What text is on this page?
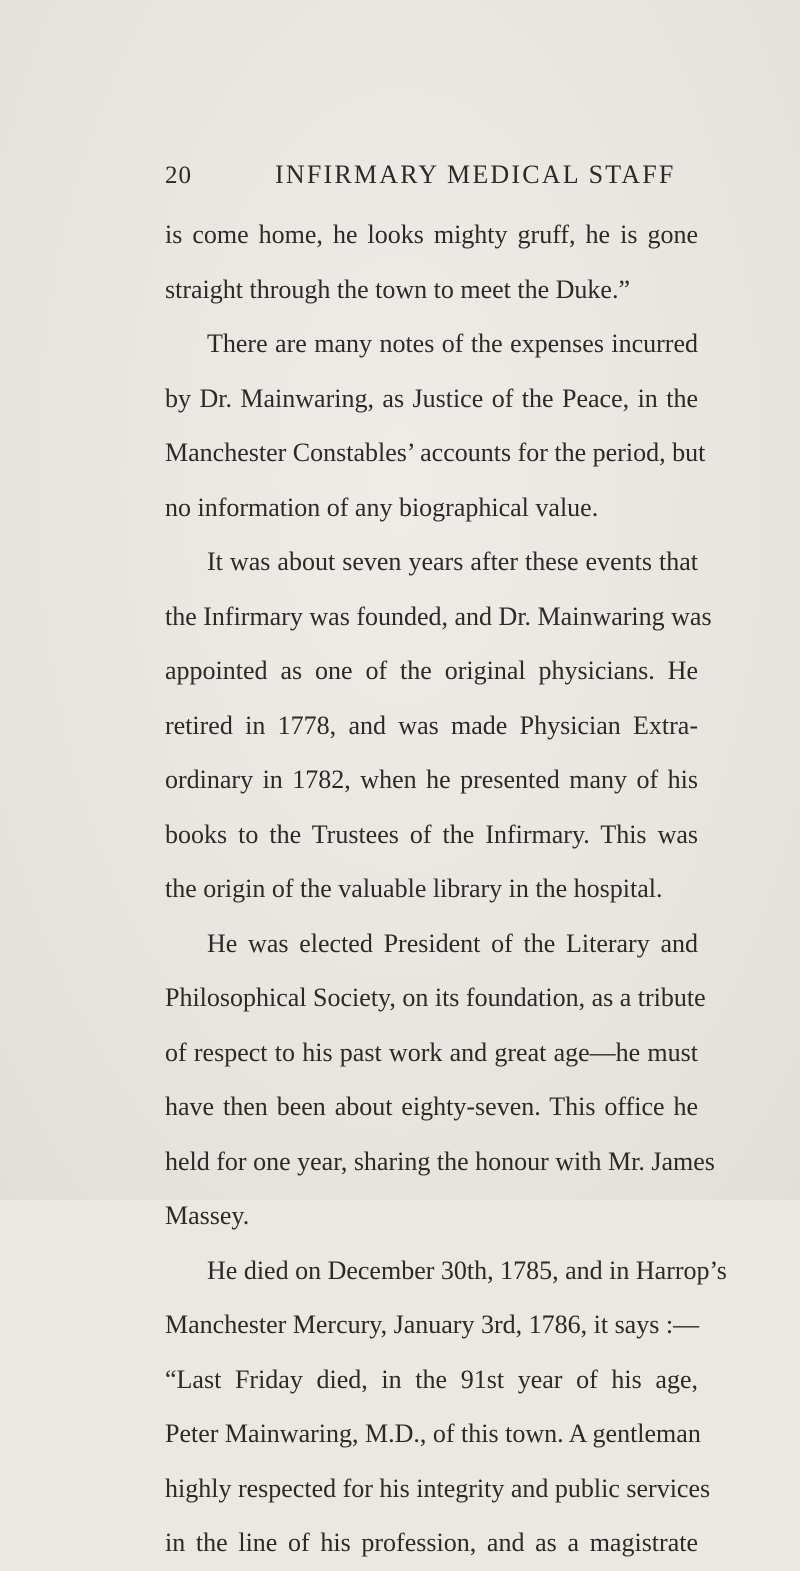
20	INFIRMARY MEDICAL STAFF
is come home, he looks mighty gruff, he is gone
straight through the town to meet the Duke.”
There are many notes of the expenses incurred
by Dr. Mainwaring, as Justice of the Peace, in the
Manchester Constables’ accounts for the period, but
no information of any biographical value.
It was about seven years after these events that
the Infirmary was founded, and Dr. Mainwaring was
appointed as one of the original physicians. He
retired in 1778, and was made Physician Extra-
ordinary in 1782, when he presented many of his
books to the Trustees of the Infirmary. This was
the origin of the valuable library in the hospital.
He was elected President of the Literary and
Philosophical Society, on its foundation, as a tribute
of respect to his past work and great age—he must
have then been about eighty-seven. This office he
held for one year, sharing the honour with Mr. James
Massey.
He died on December 30th, 1785, and in Harrop’s
Manchester Mercury, January 3rd, 1786, it says :—
“Last Friday died, in the 91st year of his age,
Peter Mainwaring, M.D., of this town. A gentleman
highly respected for his integrity and public services
in the line of his profession, and as a magistrate
